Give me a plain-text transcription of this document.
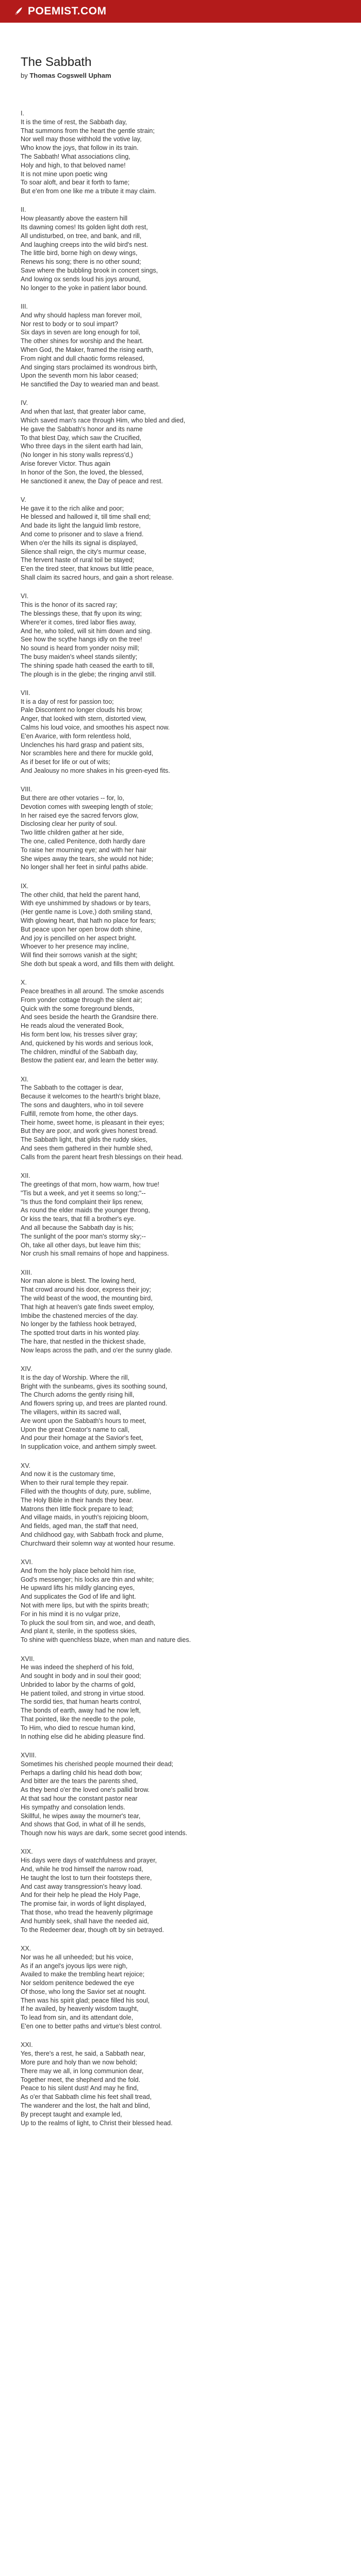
POEMIST.COM
The Sabbath
by Thomas Cogswell Upham
I.
It is the time of rest, the Sabbath day,
That summons from the heart the gentle strain;
Nor well may those withhold the votive lay,
Who know the joys, that follow in its train.
The Sabbath! What associations cling,
Holy and high, to that beloved name!
It is not mine upon poetic wing
To soar aloft, and bear it forth to fame;
But e'en from one like me a tribute it may claim.
II.
How pleasantly above the eastern hill
Its dawning comes! Its golden light doth rest,
All undisturbed, on tree, and bank, and rill,
And laughing creeps into the wild bird's nest.
The little bird, borne high on dewy wings,
Renews his song; there is no other sound;
Save where the bubbling brook in concert sings,
And lowing ox sends loud his joys around,
No longer to the yoke in patient labor bound.
III.
And why should hapless man forever moil,
Nor rest to body or to soul impart?
Six days in seven are long enough for toil,
The other shines for worship and the heart.
When God, the Maker, framed the rising earth,
From night and dull chaotic forms released,
And singing stars proclaimed its wondrous birth,
Upon the seventh morn his labor ceased;
He sanctified the Day to wearied man and beast.
IV.
And when that last, that greater labor came,
Which saved man's race through Him, who bled and died,
He gave the Sabbath's honor and its name
To that blest Day, which saw the Crucified,
Who three days in the silent earth had lain,
(No longer in his stony walls repress'd,)
Arise forever Victor. Thus again
In honor of the Son, the loved, the blessed,
He sanctioned it anew, the Day of peace and rest.
V.
He gave it to the rich alike and poor;
He blessed and hallowed it, till time shall end;
And bade its light the languid limb restore,
And come to prisoner and to slave a friend.
When o'er the hills its signal is displayed,
Silence shall reign, the city's murmur cease,
The fervent haste of rural toil be stayed;
E'en the tired steer, that knows but little peace,
Shall claim its sacred hours, and gain a short release.
VI.
This is the honor of its sacred ray;
The blessings these, that fly upon its wing;
Where'er it comes, tired labor flies away,
And he, who toiled, will sit him down and sing.
See how the scythe hangs idly on the tree!
No sound is heard from yonder noisy mill;
The busy maiden's wheel stands silently;
The shining spade hath ceased the earth to till,
The plough is in the glebe; the ringing anvil still.
VII.
It is a day of rest for passion too;
Pale Discontent no longer clouds his brow;
Anger, that looked with stern, distorted view,
Calms his loud voice, and smoothes his aspect now.
E'en Avarice, with form relentless hold,
Unclenches his hard grasp and patient sits,
Nor scrambles here and there for muckle gold,
As if beset for life or out of wits;
And Jealousy no more shakes in his green-eyed fits.
VIII.
But there are other votaries -- for, lo,
Devotion comes with sweeping length of stole;
In her raised eye the sacred fervors glow,
Disclosing clear her purity of soul.
Two little children gather at her side,
The one, called Penitence, doth hardly dare
To raise her mourning eye; and with her hair
She wipes away the tears, she would not hide;
No longer shall her feet in sinful paths abide.
IX.
The other child, that held the parent hand,
With eye unshimmed by shadows or by tears,
(Her gentle name is Love,) doth smiling stand,
With glowing heart, that hath no place for fears;
But peace upon her open brow doth shine,
And joy is pencilled on her aspect bright.
Whoever to her presence may incline,
Will find their sorrows vanish at the sight;
She doth but speak a word, and fills them with delight.
X.
Peace breathes in all around. The smoke ascends
From yonder cottage through the silent air;
Quick with the some foreground blends,
And sees beside the hearth the Grandsire there.
He reads aloud the venerated Book,
His form bent low, his tresses silver gray;
And, quickened by his words and serious look,
The children, mindful of the Sabbath day,
Bestow the patient ear, and learn the better way.
XI.
The Sabbath to the cottager is dear,
Because it welcomes to the hearth's bright blaze,
The sons and daughters, who in toil severe
Fulfill, remote from home, the other days.
Their home, sweet home, is pleasant in their eyes;
But they are poor, and work gives honest bread.
The Sabbath light, that gilds the ruddy skies,
And sees them gathered in their humble shed,
Calls from the parent heart fresh blessings on their head.
XII.
The greetings of that morn, how warm, how true!
"Tis but a week, and yet it seems so long;"--
"Is thus the fond complaint their lips renew,
As round the elder maids the younger throng,
Or kiss the tears, that fill a brother's eye.
And all because the Sabbath day is his;
The sunlight of the poor man's stormy sky;--
Oh, take all other days, but leave him this;
Nor crush his small remains of hope and happiness.
XIII.
Nor man alone is blest. The lowing herd,
That crowd around his door, express their joy;
The wild beast of the wood, the mounting bird,
That high at heaven's gate finds sweet employ,
Imbibe the chastened mercies of the day.
No longer by the fathless hook betrayed,
The spotted trout darts in his wonted play.
The hare, that nestled in the thickest shade,
Now leaps across the path, and o'er the sunny glade.
XIV.
It is the day of Worship. Where the rill,
Bright with the sunbeams, gives its soothing sound,
The Church adorns the gently rising hill,
And flowers spring up, and trees are planted round.
The villagers, within its sacred wall,
Are wont upon the Sabbath's hours to meet,
Upon the great Creator's name to call,
And pour their homage at the Savior's feet,
In supplication voice, and anthem simply sweet.
XV.
And now it is the customary time,
When to their rural temple they repair.
Filled with the thoughts of duty, pure, sublime,
The Holy Bible in their hands they bear.
Matrons then little flock prepare to lead;
And village maids, in youth's rejoicing bloom,
And fields, aged man, the staff that need,
And childhood gay, with Sabbath frock and plume,
Churchward their solemn way at wonted hour resume.
XVI.
And from the holy place behold him rise,
God's messenger; his locks are thin and white;
He upward lifts his mildly glancing eyes,
And supplicates the God of life and light.
Not with mere lips, but with the spirits breath;
For in his mind it is no vulgar prize,
To pluck the soul from sin, and woe, and death,
And plant it, sterile, in the spotless skies,
To shine with quenchless blaze, when man and nature dies.
XVII.
He was indeed the shepherd of his fold,
And sought in body and in soul their good;
Unbrided to labor by the charms of gold,
He patient toiled, and strong in virtue stood.
The sordid ties, that human hearts control,
The bonds of earth, away had he now left,
That pointed, like the needle to the pole,
To Him, who died to rescue human kind,
In nothing else did he abiding pleasure find.
XVIII.
Sometimes his cherished people mourned their dead;
Perhaps a darling child his head doth bow;
And bitter are the tears the parents shed,
As they bend o'er the loved one's pallid brow.
At that sad hour the constant pastor near
His sympathy and consolation lends.
Skillful, he wipes away the mourner's tear,
And shows that God, in what of ill he sends,
Though now his ways are dark, some secret good intends.
XIX.
His days were days of watchfulness and prayer,
And, while he trod himself the narrow road,
He taught the lost to turn their footsteps there,
And cast away transgression's heavy load.
And for their help he plead the Holy Page,
The promise fair, in words of light displayed,
That those, who tread the heavenly pilgrimage
And humbly seek, shall have the needed aid,
To the Redeemer dear, though oft by sin betrayed.
XX.
Nor was he all unheeded; but his voice,
As if an angel's joyous lips were nigh,
Availed to make the trembling heart rejoice;
Nor seldom penitence bedewed the eye
Of those, who long the Savior set at nought.
Then was his spirit glad; peace filled his soul,
If he availed, by heavenly wisdom taught,
To lead from sin, and its attendant dole,
E'en one to better paths and virtue's blest control.
XXI.
Yes, there's a rest, he said, a Sabbath near,
More pure and holy than we now behold;
There may we all, in long communion dear,
Together meet, the shepherd and the fold.
Peace to his silent dust! And may he find,
As o'er that Sabbath clime his feet shall tread,
The wanderer and the lost, the halt and blind,
By precept taught and example led,
Up to the realms of light, to Christ their blessed head.
